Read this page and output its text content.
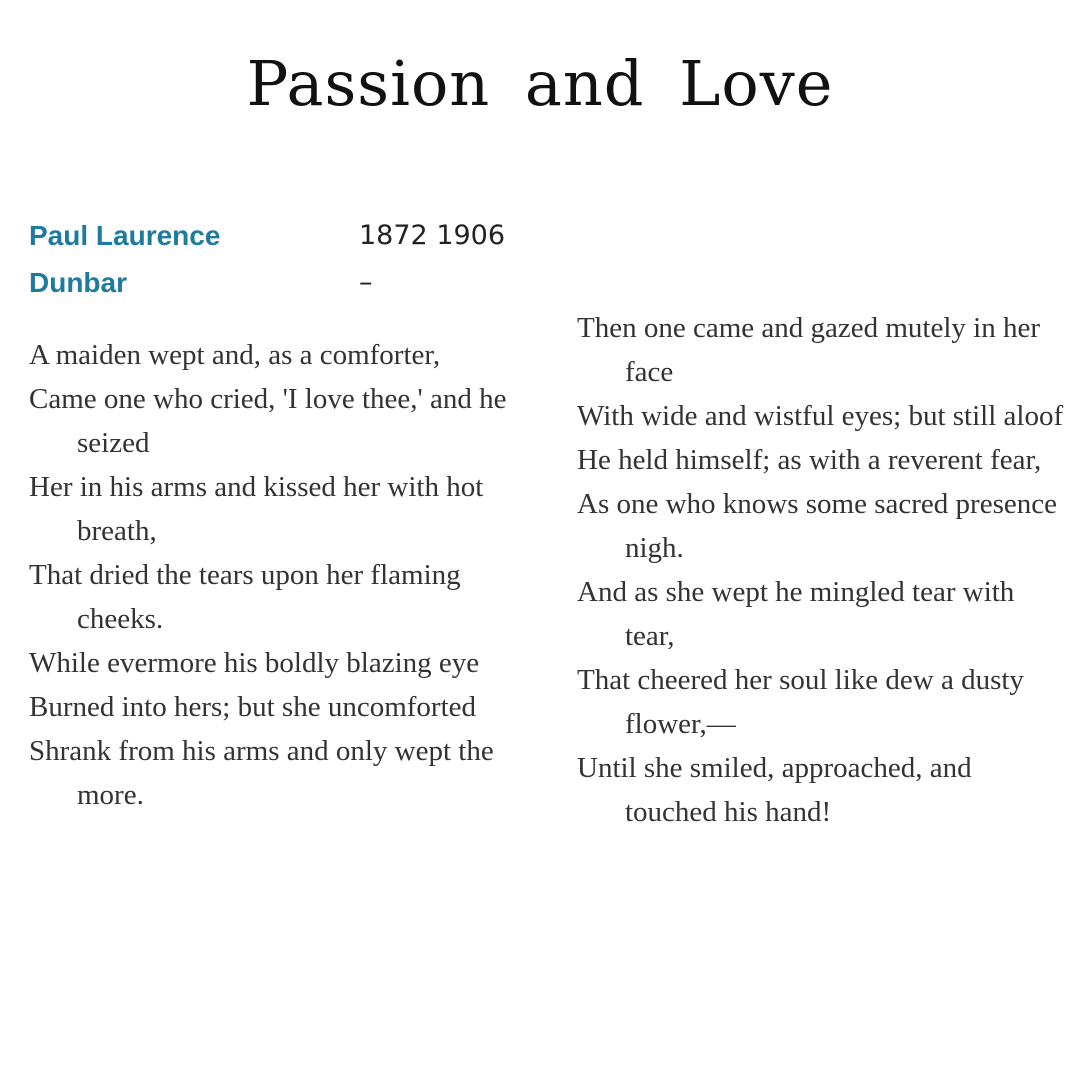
Passion and Love
Paul Laurence Dunbar
1872 1906
–

A maiden wept and, as a comforter,

Came one who cried, 'I love thee,' and he seized

Her in his arms and kissed her with hot breath,

That dried the tears upon her flaming cheeks.

While evermore his boldly blazing eye

Burned into hers; but she uncomforted

Shrank from his arms and only wept the more.

Then one came and gazed mutely in her face

With wide and wistful eyes; but still aloof

He held himself; as with a reverent fear,

As one who knows some sacred presence nigh.

And as she wept he mingled tear with tear,

That cheered her soul like dew a dusty flower,—

Until she smiled, approached, and touched his hand!
